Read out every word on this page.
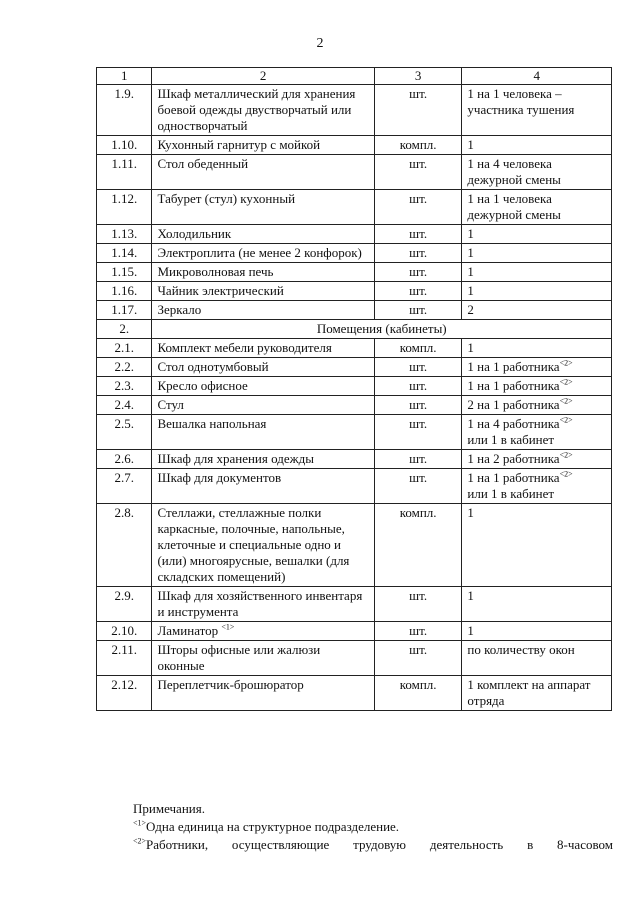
2
1	2	3	4
1.9.	Шкаф металлический для хранения боевой одежды двустворчатый или одностворчатый	шт.	1 на 1 человека – участника тушения
1.10.	Кухонный гарнитур с мойкой	компл.	1
1.11.	Стол обеденный	шт.	1 на 4 человека дежурной смены
1.12.	Табурет (стул) кухонный	шт.	1 на 1 человека дежурной смены
1.13.	Холодильник	шт.	1
1.14.	Электроплита (не менее 2 конфорок)	шт.	1
1.15.	Микроволновая печь	шт.	1
1.16.	Чайник электрический	шт.	1
1.17.	Зеркало	шт.	2
2.	Помещения (кабинеты)		
2.1.	Комплект мебели руководителя	компл.	1
2.2.	Стол однотумбовый	шт.	1 на 1 работника$^{<2>}$
2.3.	Кресло офисное	шт.	1 на 1 работника$^{<2>}$
2.4.	Стул	шт.	2 на 1 работника$^{<2>}$
2.5.	Вешалка напольная	шт.	1 на 4 работника$^{<2>}$
или 1 в кабинет
2.6.	Шкаф для хранения одежды	шт.	1 на 2 работника$^{<2>}$
2.7.	Шкаф для документов	шт.	1 на 1 работника$^{<2>}$
или 1 в кабинет
2.8.	Стеллажи, стеллажные полки каркасные, полочные, напольные, клеточные и специальные одно и (или) многоярусные, вешалки (для складских помещений)	компл.	1
2.9.	Шкаф для хозяйственного инвентаря и инструмента	шт.	1
2.10.	Ламинатор $^{<1>}$	шт.	1
2.11.	Шторы офисные или жалюзи оконные	шт.	по количеству окон
2.12.	Переплетчик-брошюратор	компл.	1 комплект на аппарат отряда

Примечания.

$^{<1>}$Одна единица на структурное подразделение.

$^{<2>}$Работники, осуществляющие трудовую деятельность в 8-часовом
